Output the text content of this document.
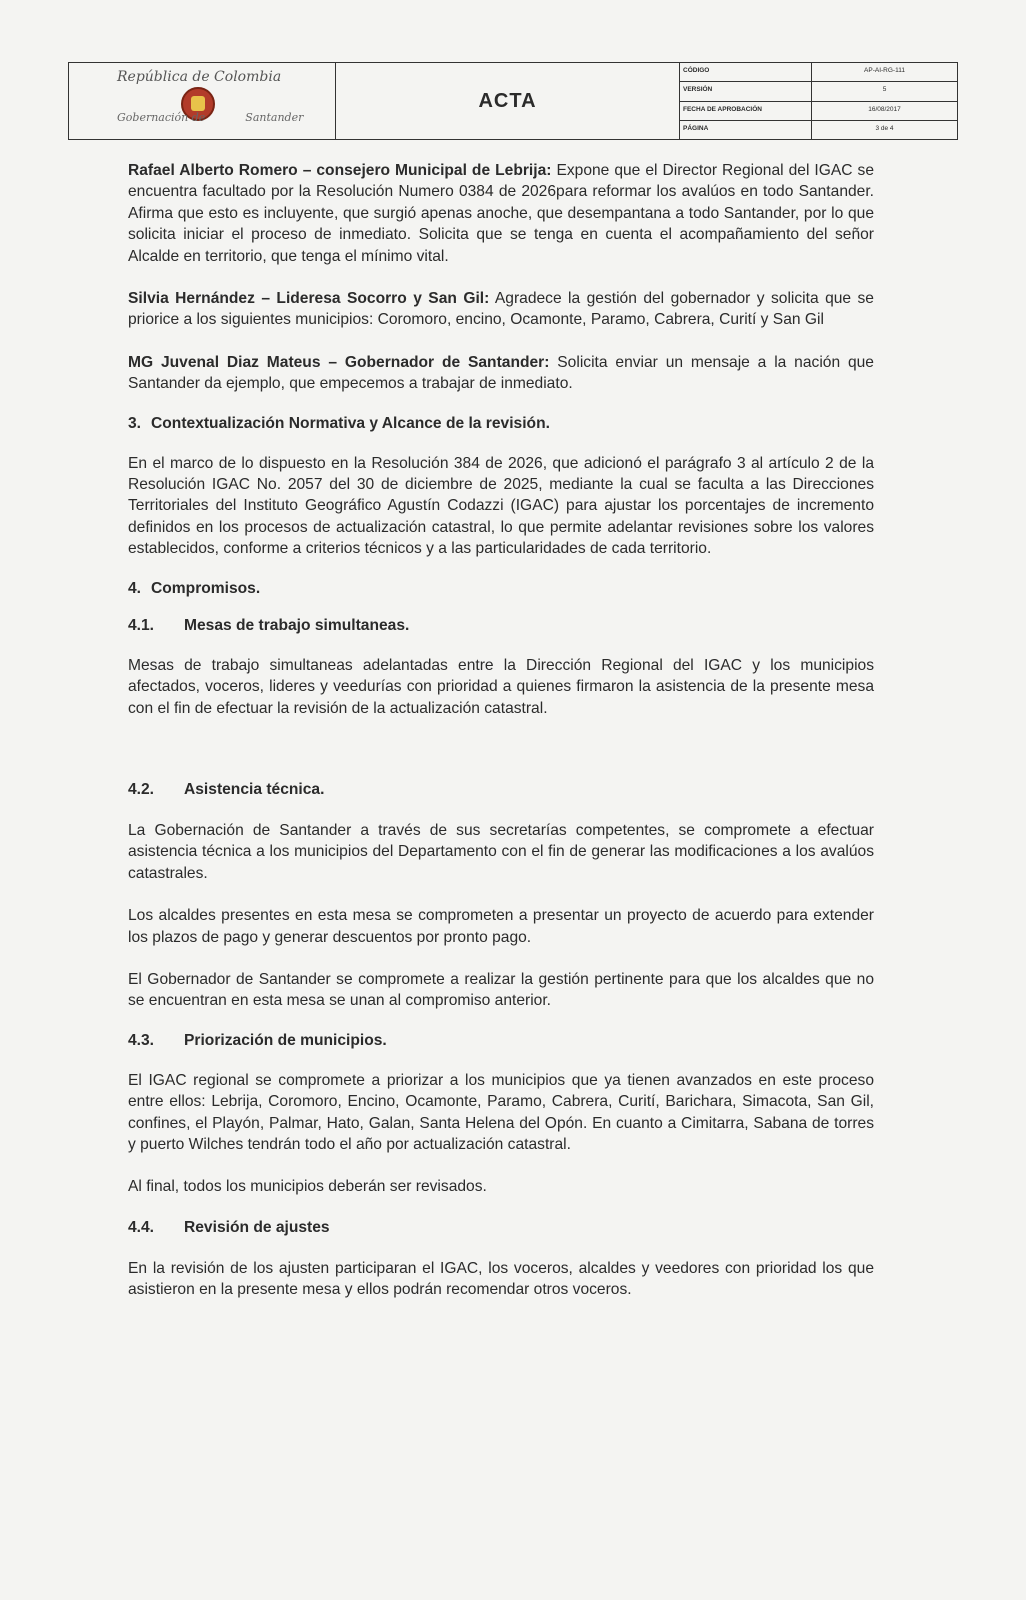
República de Colombia
Gobernación de	Santander
ACTA
CÓDIGO	AP-AI-RG-111
VERSIÓN	5
FECHA DE APROBACIÓN	16/08/2017
PÁGINA	3 de 4

Rafael Alberto Romero – consejero Municipal de Lebrija: Expone que el Director Regional del IGAC se encuentra facultado por la Resolución Numero 0384 de 2026para reformar los avalúos en todo Santander. Afirma que esto es incluyente, que surgió apenas anoche, que desempantana a todo Santander, por lo que solicita iniciar el proceso de inmediato. Solicita que se tenga en cuenta el acompañamiento del señor Alcalde en territorio, que tenga el mínimo vital.

Silvia Hernández – Lideresa Socorro y San Gil: Agradece la gestión del gobernador y solicita que se priorice a los siguientes municipios: Coromoro, encino, Ocamonte, Paramo, Cabrera, Curití y San Gil

MG Juvenal Diaz Mateus – Gobernador de Santander: Solicita enviar un mensaje a la nación que Santander da ejemplo, que empecemos a trabajar de inmediato.

3. Contextualización Normativa y Alcance de la revisión.

En el marco de lo dispuesto en la Resolución 384 de 2026, que adicionó el parágrafo 3 al artículo 2 de la Resolución IGAC No. 2057 del 30 de diciembre de 2025, mediante la cual se faculta a las Direcciones Territoriales del Instituto Geográfico Agustín Codazzi (IGAC) para ajustar los porcentajes de incremento definidos en los procesos de actualización catastral, lo que permite adelantar revisiones sobre los valores establecidos, conforme a criterios técnicos y a las particularidades de cada territorio.

4. Compromisos.

4.1. Mesas de trabajo simultaneas.

Mesas de trabajo simultaneas adelantadas entre la Dirección Regional del IGAC y los municipios afectados, voceros, lideres y veedurías con prioridad a quienes firmaron la asistencia de la presente mesa con el fin de efectuar la revisión de la actualización catastral.

4.2. Asistencia técnica.

La Gobernación de Santander a través de sus secretarías competentes, se compromete a efectuar asistencia técnica a los municipios del Departamento con el fin de generar las modificaciones a los avalúos catastrales.

Los alcaldes presentes en esta mesa se comprometen a presentar un proyecto de acuerdo para extender los plazos de pago y generar descuentos por pronto pago.

El Gobernador de Santander se compromete a realizar la gestión pertinente para que los alcaldes que no se encuentran en esta mesa se unan al compromiso anterior.

4.3. Priorización de municipios.

El IGAC regional se compromete a priorizar a los municipios que ya tienen avanzados en este proceso entre ellos: Lebrija, Coromoro, Encino, Ocamonte, Paramo, Cabrera, Curití, Barichara, Simacota, San Gil, confines, el Playón, Palmar, Hato, Galan, Santa Helena del Opón. En cuanto a Cimitarra, Sabana de torres y puerto Wilches tendrán todo el año por actualización catastral.

Al final, todos los municipios deberán ser revisados.

4.4. Revisión de ajustes

En la revisión de los ajusten participaran el IGAC, los voceros, alcaldes y veedores con prioridad los que asistieron en la presente mesa y ellos podrán recomendar otros voceros.
